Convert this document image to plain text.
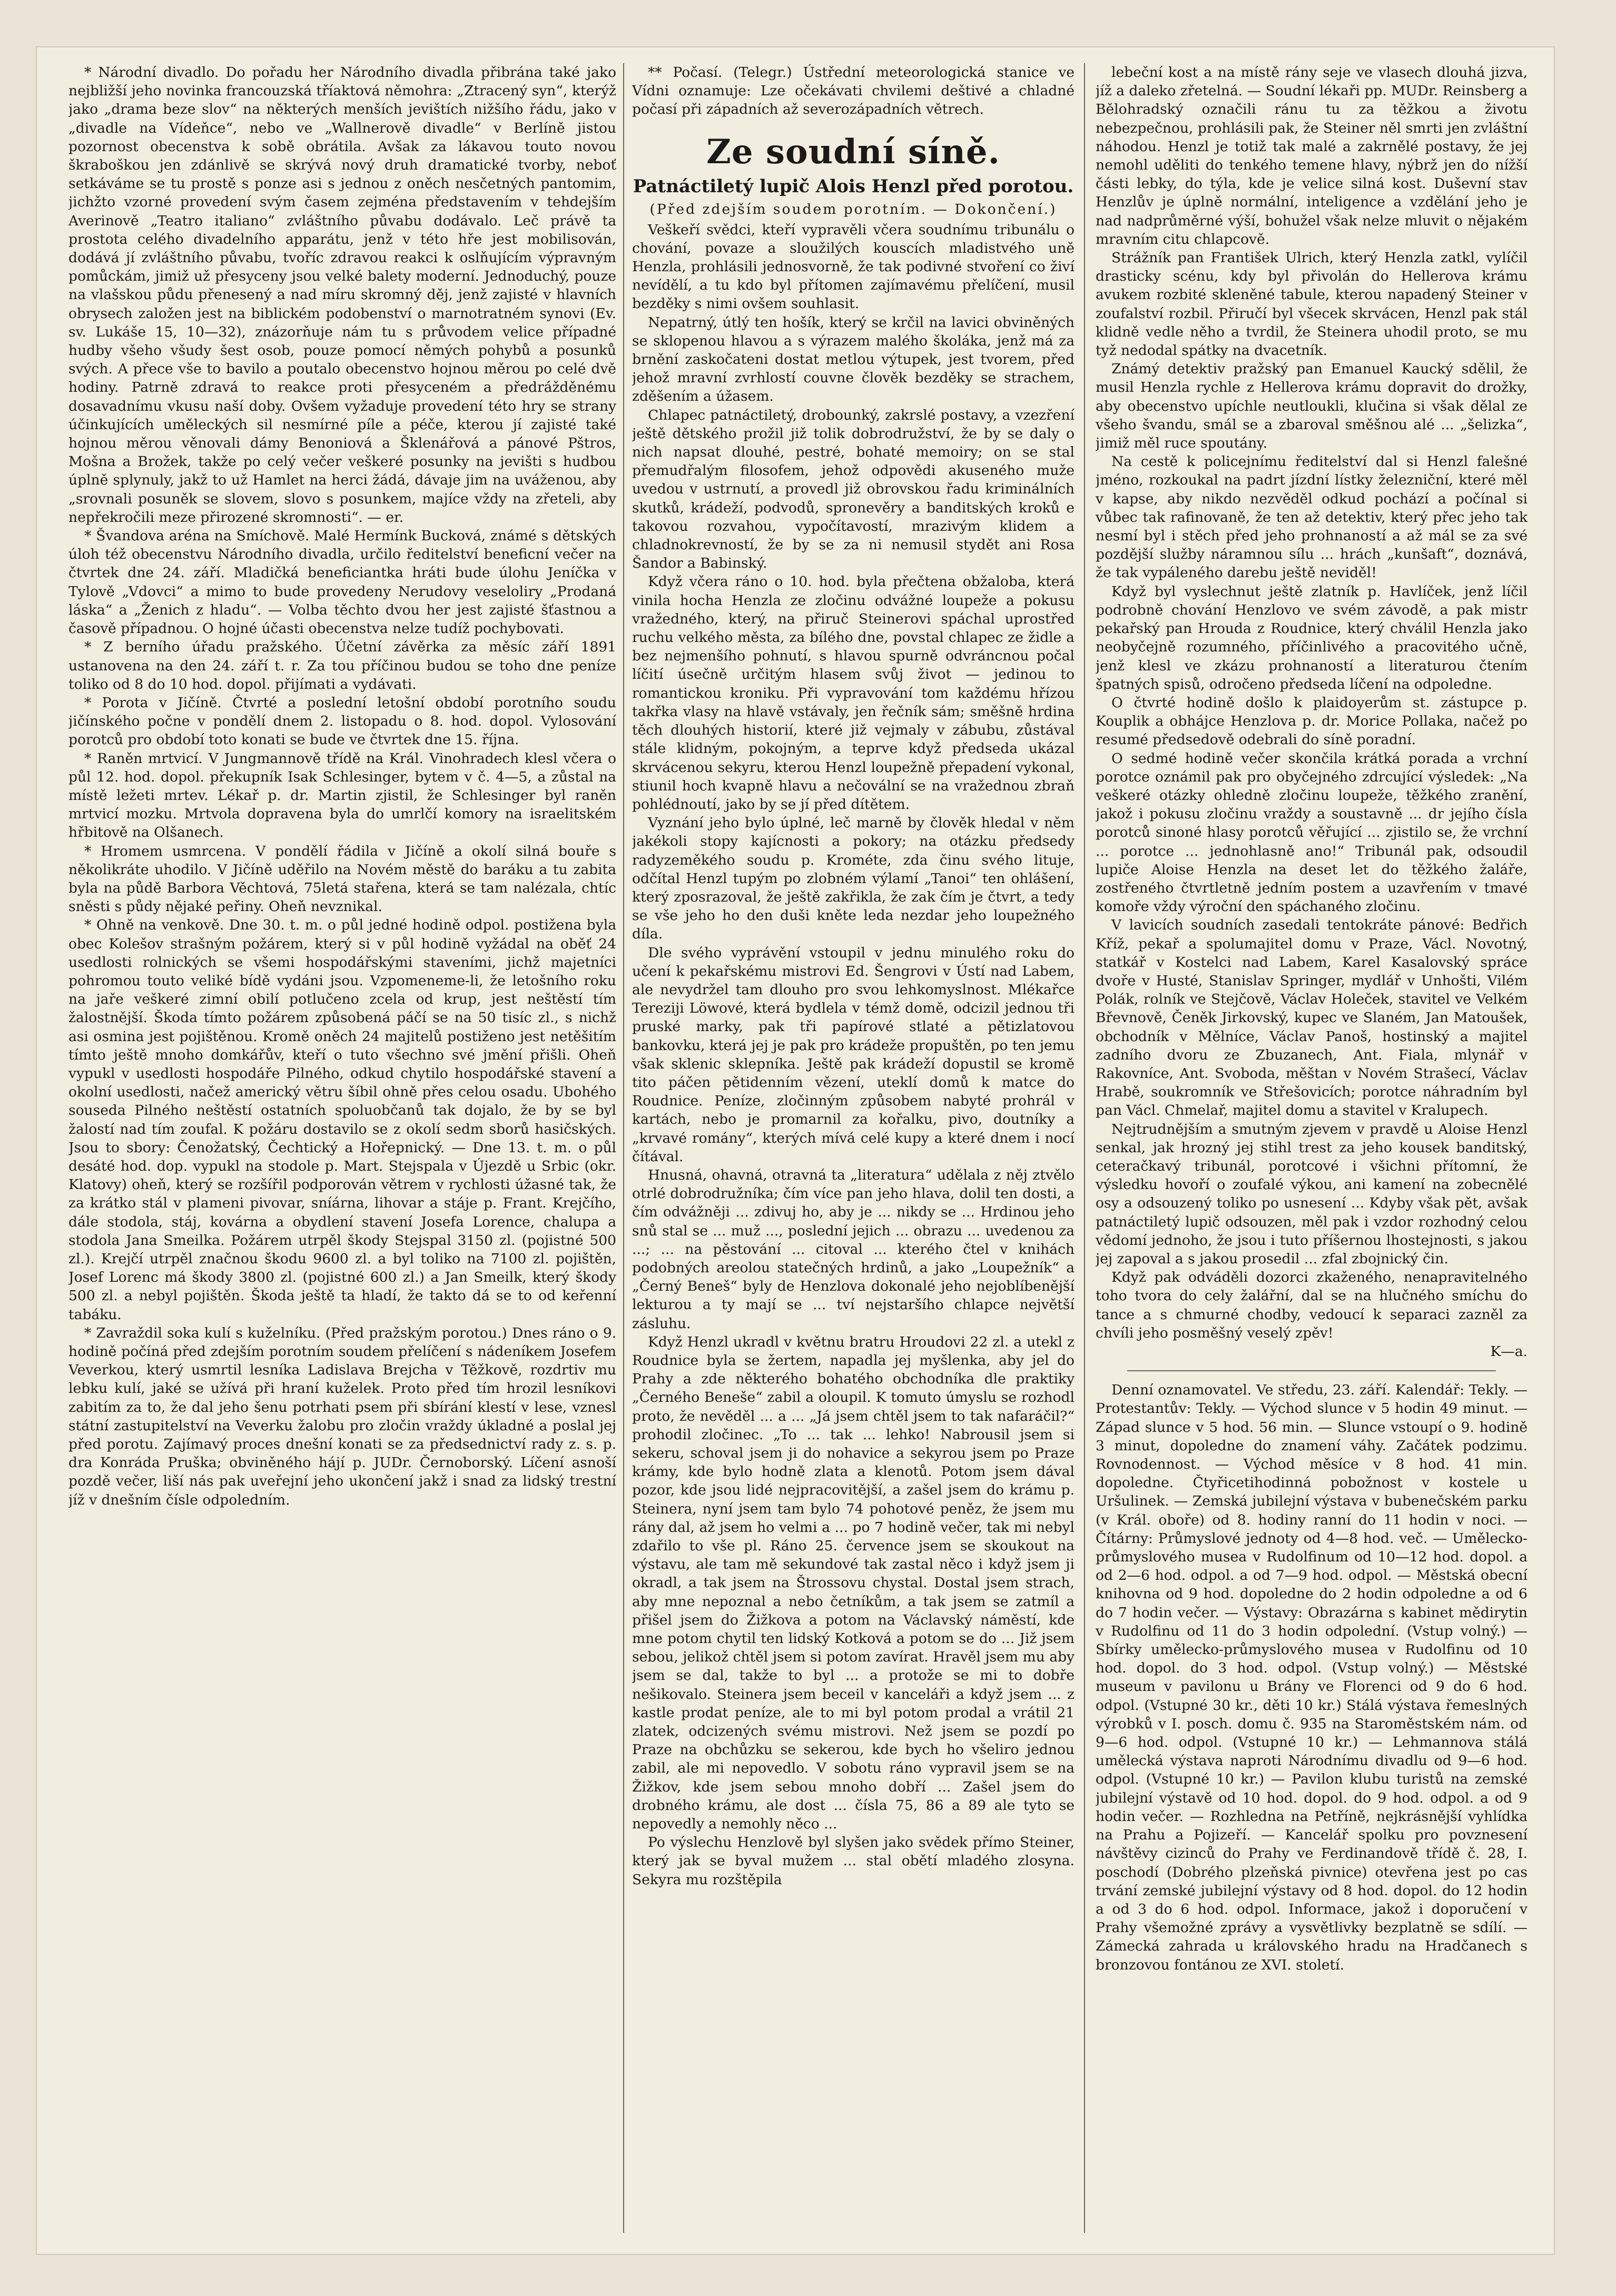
* Národní divadlo. Do pořadu her Národního divadla přibrána také jako nejbližší jeho novinka francouzská tříaktová němohra: „Ztracený syn“, kterýž jako „drama beze slov“ na některých menších jevištích nižšího řádu, jako v „divadle na Vídeňce“, nebo ve „Wallnerově divadle“ v Berlíně jistou pozornost obecenstva k sobě obrátila. Avšak za lákavou touto novou škraboškou jen zdánlivě se skrývá nový druh dramatické tvorby, neboť setkáváme se tu prostě s ponze asi s jednou z oněch nesčetných pantomim, jichžto vzorné provedení svým časem zejména představením v tehdejším Averinově „Teatro italiano“ zvláštního půvabu dodávalo. Leč právě ta prostota celého divadelního apparátu, jenž v této hře jest mobilisován, dodává jí zvláštního půvabu, tvoříc zdravou reakci k oslňujícím výpravným pomůckám, jimiž už přesyceny jsou velké balety moderní. Jednoduchý, pouze na vlašskou půdu přenesený a nad míru skromný děj, jenž zajisté v hlavních obrysech založen jest na biblickém podobenství o marnotratném synovi (Ev. sv. Lukáše 15, 10—32), znázorňuje nám tu s průvodem velice případné hudby všeho všudy šest osob, pouze pomocí němých pohybů a posunků svých. A přece vše to bavilo a poutalo obecenstvo hojnou měrou po celé dvě hodiny. Patrně zdravá to reakce proti přesyceném a předrážděnému dosavadnímu vkusu naší doby. Ovšem vyžaduje provedení této hry se strany účinkujících uměleckých sil nesmírné píle a péče, kterou jí zajisté také hojnou měrou věnovali dámy Benoniová a Šklenářová a pánové Pštros, Mošna a Brožek, takže po celý večer veškeré posunky na jevišti s hudbou úplně splynuly, jakž to už Hamlet na herci žádá, dávaje jim na uváženou, aby „srovnali posuněk se slovem, slovo s posunkem, majíce vždy na zřeteli, aby nepřekročili meze přirozené skromnosti“. — er.

* Švandova aréna na Smíchově. Malé Hermínk Bucková, známé s dětských úloh též obecenstvu Národního divadla, určilo ředitelství beneficní večer na čtvrtek dne 24. září. Mladičká beneficiantka hráti bude úlohu Jeníčka v Tylově „Vdovci“ a mimo to bude provedeny Nerudovy veseloliry „Prodaná láska“ a „Ženich z hladu“. — Volba těchto dvou her jest zajisté šťastnou a časově případnou. O hojné účasti obecenstva nelze tudíž pochybovati.

* Z berního úřadu pražského. Účetní závěrka za měsíc září 1891 ustanovena na den 24. září t. r. Za tou příčinou budou se toho dne peníze toliko od 8 do 10 hod. dopol. přijímati a vydávati.

* Porota v Jičíně. Čtvrté a poslední letošní období porotního soudu jičínského počne v pondělí dnem 2. listopadu o 8. hod. dopol. Vylosování porotců pro období toto konati se bude ve čtvrtek dne 15. října.

* Raněn mrtvicí. V Jungmannově třídě na Král. Vinohradech klesl včera o půl 12. hod. dopol. překupník Isak Schlesinger, bytem v č. 4—5, a zůstal na místě ležeti mrtev. Lékař p. dr. Martin zjistil, že Schlesinger byl raněn mrtvicí mozku. Mrtvola dopravena byla do umrlčí komory na israelitském hřbitově na Olšanech.

* Hromem usmrcena. V pondělí řádila v Jičíně a okolí silná bouře s několikráte uhodilo. V Jičíně uděřilo na Novém městě do baráku a tu zabita byla na půdě Barbora Věchtová, 75letá stařena, která se tam nalézala, chtíc sněsti s půdy nějaké peřiny. Oheň nevznikal.

* Ohně na venkově. Dne 30. t. m. o půl jedné hodině odpol. postižena byla obec Kolešov strašným požárem, který si v půl hodině vyžádal na oběť 24 usedlosti rolnických se všemi hospodářskými staveními, jichž majetníci pohromou touto veliké bídě vydáni jsou. Vzpomeneme-li, že letošního roku na jaře veškeré zimní obilí potlučeno zcela od krup, jest neštěstí tím žalostnější. Škoda tímto požárem způsobená páčí se na 50 tisíc zl., s nichž asi osmina jest pojištěnou. Kromě oněch 24 majitelů postiženo jest netěšitím tímto ještě mnoho domkářův, kteří o tuto všechno své jmění přišli. Oheň vypukl v usedlosti hospodáře Pilného, odkud chytilo hospodářské stavení a okolní usedlosti, načež americký větru šíbil ohně přes celou osadu. Ubohého souseda Pilného neštěstí ostatních spoluobčanů tak dojalo, že by se byl žalostí nad tím zoufal. K požáru dostavilo se z okolí sedm sborů hasičských. Jsou to sbory: Čenožatský, Čechtický a Hořepnický. — Dne 13. t. m. o půl desáté hod. dop. vypukl na stodole p. Mart. Stejspala v Újezdě u Srbic (okr. Klatovy) oheň, který se rozšířil podporován větrem v rychlosti úžasné tak, že za krátko stál v plameni pivovar, sníárna, lihovar a stáje p. Frant. Krejčího, dále stodola, stáj, kovárna a obydlení stavení Josefa Lorence, chalupa a stodola Jana Smeilka. Požárem utrpěl škody Stejspal 3150 zl. (pojistné 500 zl.). Krejčí utrpěl značnou škodu 9600 zl. a byl toliko na 7100 zl. pojištěn, Josef Lorenc má škody 3800 zl. (pojistné 600 zl.) a Jan Smeilk, který škody 500 zl. a nebyl pojištěn. Škoda ještě ta hladí, že takto dá se to od keřenní tabáku.

* Zavraždil soka kulí s kuželníku. (Před pražským porotou.) Dnes ráno o 9. hodině počíná před zdejším porotním soudem přelíčení s nádeníkem Josefem Veverkou, který usmrtil lesníka Ladislava Brejcha v Těžkově, rozdrtiv mu lebku kulí, jaké se užívá při hraní kuželek. Proto před tím hrozil lesníkovi zabitím za to, že dal jeho šenu potrhati psem při sbírání klestí v lese, vznesl státní zastupitelství na Veverku žalobu pro zločin vraždy úkladné a poslal jej před porotu. Zajímavý proces dnešní konati se za předsednictví rady z. s. p. dra Konráda Pruška; obviněného hájí p. JUDr. Černoborský. Líčení asnoší pozdě večer, liší nás pak uveřejní jeho ukončení jakž i snad za lidský trestní jíž v dnešním čísle odpoledním.

** Počasí. (Telegr.) Ústřední meteorologická stanice ve Vídni oznamuje: Lze očekávati chvilemi deštivé a chladné počasí při západních až severozápadních větrech.

Ze soudní síně.
Patnáctiletý lupič Alois Henzl před porotou.
(Před zdejším soudem porotním. — Dokončení.)

Veškeří svědci, kteří vypravěli včera soudnímu tribunálu o chování, povaze a sloužilých kouscích mladistvého uně Henzla, prohlásili jednosvorně, že tak podivné stvoření co živí nevídělí, a tu kdo byl přítomen zajímavému přelíčení, musil bezděky s nimi ovšem souhlasit.

Nepatrný, útlý ten hošík, který se krčil na lavici obviněných se sklopenou hlavou a s výrazem malého školáka, jenž má za brnění zaskočateni dostat metlou výtupek, jest tvorem, před jehož mravní zvrhlostí couvne člověk bezděky se strachem, zděšením a úžasem.

Chlapec patnáctiletý, drobounký, zakrslé postavy, a vzezření ještě dětského prožil již tolik dobrodružství, že by se daly o nich napsat dlouhé, pestré, bohaté memoiry; on se stal přemudřalým filosofem, jehož odpovědi akuseného muže uvedou v ustrnutí, a provedl již obrovskou řadu kriminálních skutků, krádeží, podvodů, spronevěry a banditských kroků e takovou rozvahou, vypočítavostí, mrazivým klidem a chladnokrevností, že by se za ni nemusil stydět ani Rosa Šandor a Babinský.

Když včera ráno o 10. hod. byla přečtena obžaloba, která vinila hocha Henzla ze zločinu odvážné loupeže a pokusu vražedného, který, na přiruč Steinerovi spáchal uprostřed ruchu velkého města, za bílého dne, povstal chlapec ze židle a bez nejmenšího pohnutí, s hlavou spurně odvráncnou počal líčití úsečně určitým hlasem svůj život — jedinou to romantickou kroniku. Při vypravování tom každému hřízou takřka vlasy na hlavě vstávaly, jen řečník sám; směšně hrdina těch dlouhých historií, které již vejmaly v zábubu, zůstával stále klidným, pokojným, a teprve když předseda ukázal skrvácenou sekyru, kterou Henzl loupežně přepadení vykonal, stiunil hoch kvapně hlavu a nečovální se na vražednou zbraň pohlédnoutí, jako by se jí před dítětem.

Vyznání jeho bylo úplné, leč marně by člověk hledal v něm jakékoli stopy kajícnosti a pokory; na otázku předsedy radyzeměkého soudu p. Krométe, zda činu svého lituje, odčítal Henzl tupým po zlobném výlamí „Tanoi“ ten ohlášení, který zposrazoval, že ještě zakřikla, že zak čím je čtvrt, a tedy se vše jeho ho den duši kněte leda nezdar jeho loupežného díla.

Dle svého vyprávění vstoupil v jednu minulého roku do učení k pekařskému mistrovi Ed. Šengrovi v Ústí nad Labem, ale nevydržel tam dlouho pro svou lehkomyslnost. Mlékařce Tereziji Löwové, která bydlela v témž domě, odcizil jednou tři pruské marky, pak tři papírové stlaté a pětizlatovou bankovku, která jej je pak pro krádeže propuštěn, po ten jemu však sklenic sklepníka. Ještě pak krádeží dopustil se kromě tito páčen pětidenním vězení, uteklí domů k matce do Roudnice. Peníze, zločinným způsobem nabyté prohrál v kartách, nebo je promarnil za kořalku, pivo, doutníky a „krvavé romány“, kterých mívá celé kupy a které dnem i nocí čítával.

Hnusná, ohavná, otravná ta „literatura“ udělala z něj ztvělo otrlé dobrodružníka; čím více pan jeho hlava, dolil ten dosti, a čím odvážněji ... zdivuj ho, aby je ... nikdy se ... Hrdinou jeho snů stal se ... muž ..., poslední jejich ... obrazu ... uvedenou za ...; ... na pěstování ... citoval ... kterého čtel v knihách podobných areolou statečných hrdinů, a jako „Loupežník“ a „Černý Beneš“ byly de Henzlova dokonalé jeho nejoblíbenější lekturou a ty mají se ... tví nejstaršího chlapce největší zásluhu.

Když Henzl ukradl v květnu bratru Hroudovi 22 zl. a utekl z Roudnice byla se žertem, napadla jej myšlenka, aby jel do Prahy a zde některého bohatého obchodníka dle praktiky „Černého Beneše“ zabil a oloupil. K tomuto úmyslu se rozhodl proto, že nevěděl ... a ... „Já jsem chtěl jsem to tak nafaráčil?“ prohodil zločinec. „To ... tak ... lehko! Nabrousil jsem si sekeru, schoval jsem ji do nohavice a sekyrou jsem po Praze krámy, kde bylo hodně zlata a klenotů. Potom jsem dával pozor, kde jsou lidé nejpracovitější, a zašel jsem do krámu p. Steinera, nyní jsem tam bylo 74 pohotové peněz, že jsem mu rány dal, až jsem ho velmi a ... po 7 hodině večer, tak mi nebyl zdařilo to vše pl. Ráno 25. července jsem se skoukout na výstavu, ale tam mě sekundové tak zastal něco i když jsem ji okradl, a tak jsem na Štrossovu chystal. Dostal jsem strach, aby mne nepoznal a nebo četníkům, a tak jsem se zatmíl a přišel jsem do Žižkova a potom na Václavský náměstí, kde mne potom chytil ten lidský Kotková a potom se do ... Již jsem sebou, jelikož chtěl jsem si potom zavírat. Hravěl jsem mu aby jsem se dal, takže to byl ... a protože se mi to dobře nešikovalo. Steinera jsem beceil v kanceláři a když jsem ... z kastle prodat peníze, ale to mi byl potom prodal a vrátil 21 zlatek, odcizených svému mistrovi. Než jsem se pozdí po Praze na obchůzku se sekerou, kde bych ho všeliro jednou zabil, ale mi nepovedlo. V sobotu ráno vypravil jsem se na Žižkov, kde jsem sebou mnoho dobří ... Zašel jsem do drobného krámu, ale dost ... čísla 75, 86 a 89 ale tyto se nepovedly a nemohly něco ...

Po výslechu Henzlově byl slyšen jako svědek přímo Steiner, který jak se byval mužem ... stal obětí mladého zlosyna. Sekyra mu rozštěpila

lebeční kost a na místě rány seje ve vlasech dlouhá jizva, jíž a daleko zřetelná. — Soudní lékaři pp. MUDr. Reinsberg a Bělohradský označili ránu tu za těžkou a životu nebezpečnou, prohlásili pak, že Steiner něl smrti jen zvláštní náhodou. Henzl je totiž tak malé a zakrnělé postavy, že jej nemohl uděliti do tenkého temene hlavy, nýbrž jen do nížší části lebky, do týla, kde je velice silná kost. Duševní stav Henzlův je úplně normální, inteligence a vzdělání jeho je nad nadprůměrné výší, bohužel však nelze mluvit o nějakém mravním citu chlapcově.

Strážník pan František Ulrich, který Henzla zatkl, vylíčil drasticky scénu, kdy byl přivolán do Hellerova krámu avukem rozbité skleněné tabule, kterou napadený Steiner v zoufalství rozbil. Přiručí byl všecek skrvácen, Henzl pak stál klidně vedle něho a tvrdil, že Steinera uhodil proto, se mu tyž nedodal spátky na dvacetník.

Známý detektiv pražský pan Emanuel Kaucký sdělil, že musil Henzla rychle z Hellerova krámu dopravit do drožky, aby obecenstvo upíchle neutloukli, klučina si však dělal ze všeho švandu, smál se a zbaroval směšnou alé ... „šelizka“, jimiž měl ruce spoutány.

Na cestě k policejnímu ředitelství dal si Henzl falešné jméno, rozkoukal na padrt jízdní lístky železniční, které měl v kapse, aby nikdo nezvěděl odkud pochází a počínal si vůbec tak rafinovaně, že ten až detektiv, který přec jeho tak nesmí byl i stěch před jeho prohnaností a až mál se za své pozdější služby náramnou sílu ... hrách „kunšaft“, doznává, že tak vypáleného darebu ještě neviděl!

Když byl vyslechnut ještě zlatník p. Havlíček, jenž líčil podrobně chování Henzlovo ve svém závodě, a pak mistr pekařský pan Hrouda z Roudnice, který chválil Henzla jako neobyčejně rozumného, příčinlivého a pracovitého učně, jenž klesl ve zkázu prohnaností a literaturou čtením špatných spisů, odročeno předseda líčení na odpoledne.

O čtvrté hodině došlo k plaidoyerům st. zástupce p. Kouplik a obhájce Henzlova p. dr. Morice Pollaka, načež po resumé předsedově odebrali do síně poradní.

O sedmé hodině večer skončila krátká porada a vrchní porotce oznámil pak pro obyčejného zdrcující výsledek: „Na veškeré otázky ohledně zločinu loupeže, těžkého zranění, jakož i pokusu zločinu vraždy a soustavně ... dr jejího čísla porotců sinoné hlasy porotců věřující ... zjistilo se, že vrchní ... porotce ... jednohlasně ano!“ Tribunál pak, odsoudil lupiče Aloise Henzla na deset let do těžkého žaláře, zostřeného čtvrtletně jedním postem a uzavřením v tmavé komoře vždy výroční den spáchaného zločinu.

V lavicích soudních zasedali tentokráte pánové: Bedřich Kříž, pekař a spolumajitel domu v Praze, Václ. Novotný, statkář v Kostelci nad Labem, Karel Kasalovský spráce dvoře v Husté, Stanislav Springer, mydlář v Unhošti, Vilém Polák, rolník ve Stejčově, Václav Holeček, stavitel ve Velkém Břevnově, Čeněk Jirkovský, kupec ve Slaném, Jan Matoušek, obchodník v Mělníce, Václav Panoš, hostinský a majitel zadního dvoru ze Zbuzanech, Ant. Fiala, mlynář v Rakovníce, Ant. Svoboda, měštan v Novém Strašecí, Václav Hrabě, soukromník ve Střešovicích; porotce náhradním byl pan Václ. Chmelař, majitel domu a stavitel v Kralupech.

Nejtrudnějším a smutným zjevem v pravdě u Aloise Henzl senkal, jak hrozný jej stihl trest za jeho kousek banditský, ceteračkavý tribunál, porotcové i všichni přítomní, že výsledku hovoří o zoufalé výkou, ani kamení na zobecnělé osy a odsouzený toliko po usnesení ... Kdyby však pět, avšak patnáctiletý lupič odsouzen, měl pak i vzdor rozhodný celou vědomí jednoho, že jsou i tuto příšernou lhostejnosti, s jakou jej zapoval a s jakou prosedil ... zfal zbojnický čin.

Když pak odváděli dozorci zkaženého, nenapravitelného toho tvora do cely žalářní, dal se na hlučného smíchu do tance a s chmurné chodby, vedoucí k separaci zazněl za chvíli jeho posměšný veselý zpěv!

K—a.

Denní oznamovatel. Ve středu, 23. září. Kalendář: Tekly. — Protestantův: Tekly. — Východ slunce v 5 hodin 49 minut. — Západ slunce v 5 hod. 56 min. — Slunce vstoupí o 9. hodině 3 minut, dopoledne do znamení váhy. Začátek podzimu. Rovnodennost. — Východ měsíce v 8 hod. 41 min. dopoledne. Čtyřicetihodinná pobožnost v kostele u Uršulinek. — Zemská jubilejní výstava v bubenečském parku (v Král. oboře) od 8. hodiny ranní do 11 hodin v noci. — Čítárny: Průmyslové jednoty od 4—8 hod. več. — Umělecko-průmyslového musea v Rudolfinum od 10—12 hod. dopol. a od 2—6 hod. odpol. a od 7—9 hod. odpol. — Městská obecní knihovna od 9 hod. dopoledne do 2 hodin odpoledne a od 6 do 7 hodin večer. — Výstavy: Obrazárna s kabinet mědirytin v Rudolfinu od 11 do 3 hodin odpolední. (Vstup volný.) — Sbírky umělecko-průmyslového musea v Rudolfinu od 10 hod. dopol. do 3 hod. odpol. (Vstup volný.) — Městské museum v pavilonu u Brány ve Florenci od 9 do 6 hod. odpol. (Vstupné 30 kr., děti 10 kr.) Stálá výstava řemeslných výrobků v I. posch. domu č. 935 na Staroměstském nám. od 9—6 hod. odpol. (Vstupné 10 kr.) — Lehmannova stálá umělecká výstava naproti Národnímu divadlu od 9—6 hod. odpol. (Vstupné 10 kr.) — Pavilon klubu turistů na zemské jubilejní výstavě od 10 hod. dopol. do 9 hod. odpol. a od 9 hodin večer. — Rozhledna na Petříně, nejkrásnější vyhlídka na Prahu a Pojizeří. — Kancelář spolku pro povznesení návštěvy cizinců do Prahy ve Ferdinandově třídě č. 28, I. poschodí (Dobrého plzeňská pivnice) otevřena jest po cas trvání zemské jubilejní výstavy od 8 hod. dopol. do 12 hodin a od 3 do 6 hod. odpol. Informace, jakož i doporučení v Prahy všemožné zprávy a vysvětlivky bezplatně se sdílí. — Zámecká zahrada u královského hradu na Hradčanech s bronzovou fontánou ze XVI. století.
